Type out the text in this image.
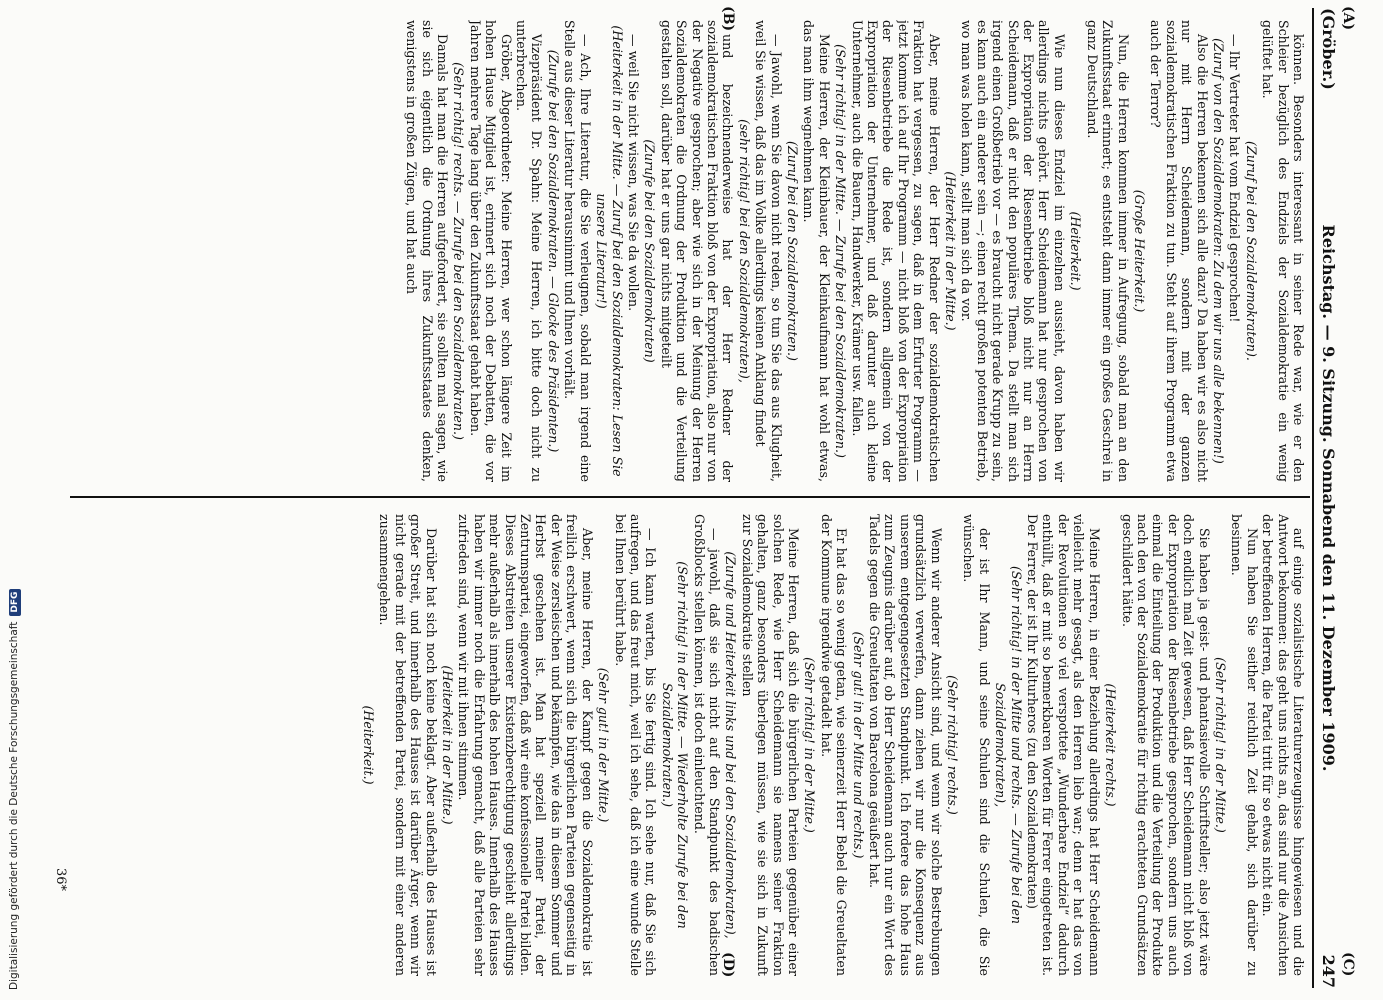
(Gröber.)
Reichstag. — 9. Sitzung. Sonnabend den 11. Dezember 1909.
247
(A)
(B)
(C)
(D)

können. Besonders interessant in seiner Rede war, wie er den Schleier bezüglich des Endziels der Sozialdemokratie ein wenig gelüftet hat.

(Zuruf bei den Sozialdemokraten).

— Ihr Vertreter hat vom Endziel gesprochen!

(Zuruf von den Sozialdemokraten: Zu dem wir uns alle bekennen!)

Also die Herren bekennen sich alle dazu? Da haben wir es also nicht nur mit Herrn Scheidemann, sondern mit der ganzen sozialdemokratischen Fraktion zu tun. Steht auf ihrem Programm etwa auch der Terror?

(Große Heiterkeit.)

Nun, die Herren kommen immer in Aufregung, sobald man an den Zukunftsstaat erinnert; es entsteht dann immer ein großes Geschrei in ganz Deutschland.

(Heiterkeit.)

Wie nun dieses Endziel im einzelnen aussieht, davon haben wir allerdings nichts gehört. Herr Scheidemann hat nur gesprochen von der Expropriation der Riesenbetriebe bloß nicht nur an Herrn Scheidemann, daß er nicht den populäres Thema. Da stellt man sich irgend einen Großbetrieb vor — es braucht nicht gerade Krupp zu sein, es kann auch ein anderer sein —; einen recht großen potenten Betrieb, wo man was holen kann, stellt man sich da vor.

(Heiterkeit in der Mitte.)

Aber, meine Herren, der Herr Redner der sozialdemokratischen Fraktion hat vergessen, zu sagen, daß in dem Erfurter Programm — jetzt komme ich auf Ihr Programm — nicht bloß von der Expropriation der Riesenbetriebe die Rede ist, sondern allgemein von der Expropriation der Unternehmer, und daß darunter auch kleine Unternehmer, auch die Bauern, Handwerker, Krämer usw. fallen.

(Sehr richtig! in der Mitte. — Zurufe bei den Sozialdemokraten.)

Meine Herren, der Kleinbauer, der Kleinkaufmann hat wohl etwas, das man ihm wegnehmen kann.

(Zuruf bei den Sozialdemokraten.)

— Jawohl, wenn Sie davon nicht reden, so tun Sie das aus Klugheit, weil Sie wissen, daß das im Volke allerdings keinen Anklang findet

(sehr richtig! bei den Sozialdemokraten),

und bezeichnenderweise hat der Herr Redner der sozialdemokratischen Fraktion bloß von der Expropriation, also nur von der Negative gesprochen; aber wie sich in der Meinung der Herren Sozialdemokraten die Ordnung der Produktion und die Verteilung gestalten soll, darüber hat er uns gar nichts mitgeteilt

(Zurufe bei den Sozialdemokraten)

— weil Sie nicht wissen, was Sie da wollen.

(Heiterkeit in der Mitte. — Zuruf bei den Sozialdemokraten: Lesen Sie unsere Literatur!)

— Ach, Ihre Literatur, die Sie verleugnen, sobald man irgend eine Stelle aus dieser Literatur herausnimmt und Ihnen vorhält.

(Zurufe bei den Sozialdemokraten. — Glocke des Präsidenten.)

Vizepräsident Dr. Spahn: Meine Herren, ich bitte doch nicht zu unterbrechen.

Gröber, Abgeordneter: Meine Herren, wer schon längere Zeit im hohen Hause Mitglied ist, erinnert sich noch der Debatten, die vor Jahren mehrere Tage lang über den Zukunftsstaat gehabt haben.

(Sehr richtig! rechts. — Zurufe bei den Sozialdemokraten.)

Damals hat man die Herren aufgefordert, sie sollten mal sagen, wie sie sich eigentlich die Ordnung ihres Zukunftsstaates denken, wenigstens in großen Zügen, und hat auch

auf einige sozialistische Literaturerzeugnisse hingewiesen und die Antwort bekommen: das geht uns nichts an, das sind nur die Ansichten der betreffenden Herren, die Partei tritt für so etwas nicht ein.

Nun haben Sie seither reichlich Zeit gehabt, sich darüber zu besinnen.

(Sehr richtig! in der Mitte.)

Sie haben ja geist- und phantasievolle Schriftsteller; also jetzt wäre doch endlich mal Zeit gewesen, daß Herr Scheidemann nicht bloß von der Expropriation der Riesenbetriebe gesprochen, sondern uns auch einmal die Einteilung der Produktion und die Verteilung der Produkte nach den von der Sozialdemokratie für richtig erachteten Grundsätzen geschildert hätte.

(Heiterkeit rechts.)

Meine Herren, in einer Beziehung allerdings hat Herr Scheidemann vielleicht mehr gesagt, als den Herren lieb war; denn er hat das von der Revolutionen so viel verspottete „Wunderbare Endziel“ dadurch enthüllt, daß er mit so bemerkbaren Worten für Ferrer eingetreten ist. Der Ferrer, der ist Ihr Kulturheros (zu den Sozialdemokraten)

(Sehr richtig! in der Mitte und rechts. — Zurufe bei den Sozialdemokraten),

der ist Ihr Mann, und seine Schulen sind die Schulen, die Sie wünschen.

(Sehr richtig! rechts.)

Wenn wir anderer Ansicht sind, und wenn wir solche Bestrebungen grundsätzlich verwerfen, dann ziehen wir nur die Konsequenz aus unserem entgegengesetzten Standpunkt. Ich fordere das hohe Haus zum Zeugnis darüber auf, ob Herr Scheidemann auch nur ein Wort des Tadels gegen die Greueltaten von Barcelona geäußert hat.

(Sehr gut! in der Mitte und rechts.)

Er hat das so wenig getan, wie seinerzeit Herr Bebel die Greueltaten der Kommune irgendwie getadelt hat.

(Sehr richtig! in der Mitte.)

Meine Herren, daß sich die bürgerlichen Parteien gegenüber einer solchen Rede, wie Herr Scheidemann sie namens seiner Fraktion gehalten, ganz besonders überlegen müssen, wie sie sich in Zukunft zur Sozialdemokratie stellen

(Zurufe und Heiterkeit links und bei den Sozialdemokraten),

— jawohl, daß sie sich nicht auf den Standpunkt des badischen Großblocks stellen können, ist doch einleuchtend.

(Sehr richtig! in der Mitte. — Wiederholte Zurufe bei den Sozialdemokraten.)

— Ich kann warten, bis Sie fertig sind. Ich sehe nur, daß Sie sich aufregen, und das freut mich, weil ich sehe, daß ich eine wunde Stelle bei Ihnen berührt habe.

(Sehr gut! in der Mitte.)

Aber, meine Herren, der Kampf gegen die Sozialdemokratie ist freilich erschwert, wenn sich die bürgerlichen Parteien gegenseitig in der Weise zersleischen und bekämpfen, wie das in diesem Sommer und Herbst geschehen ist. Man hat speziell meiner Partei, der Zentrumspartei, eingeworfen, daß wir eine konfessionelle Partei bilden. Dieses Abstreiten unserer Existenzberechtigung geschieht allerdings mehr außerhalb als innerhalb des hohen Hauses. Innerhalb des Hauses haben wir immer noch die Erfahrung gemacht, daß alle Parteien sehr zufrieden sind, wenn wir mit ihnen stimmen.

(Heiterkeit in der Mitte.)

Darüber hat sich noch keine beklagt. Aber außerhalb des Hauses ist großer Streit, und innerhalb des Hauses ist darüber Ärger, wenn wir nicht gerade mit der betreffenden Partei, sondern mit einer anderen zusammengehen.

(Heiterkeit.)

36*
Digitalisierung gefördert durch die Deutsche ForschungsgemeinschaftDFG
